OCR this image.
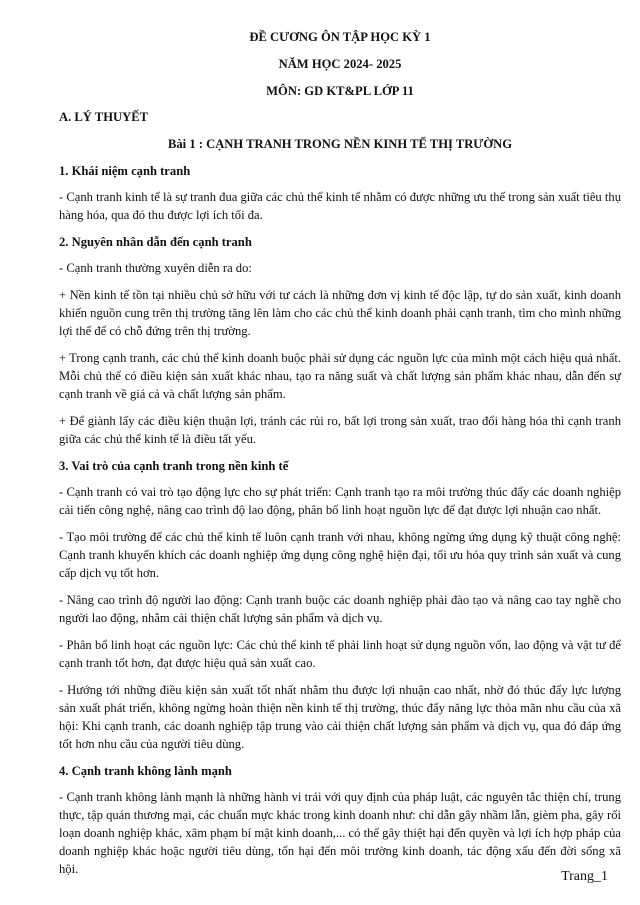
ĐỀ CƯƠNG ÔN TẬP HỌC KỲ 1
NĂM HỌC 2024- 2025
MÔN: GD KT&PL LỚP 11
A. LÝ THUYẾT
Bài 1 : CẠNH TRANH TRONG NỀN KINH TẾ THỊ TRƯỜNG
1. Khái niệm cạnh tranh

- Cạnh tranh kinh tế là sự tranh đua giữa các chủ thể kinh tế nhằm có được những ưu thế trong sản xuất tiêu thụ hàng hóa, qua đó thu được lợi ích tối đa.

2. Nguyên nhân dẫn đến cạnh tranh

- Cạnh tranh thường xuyên diễn ra do:

+ Nền kinh tế tồn tại nhiều chủ sở hữu với tư cách là những đơn vị kinh tế độc lập, tự do sản xuất, kinh doanh khiến nguồn cung trên thị trường tăng lên làm cho các chủ thể kinh doanh phải cạnh tranh, tìm cho mình những lợi thế để có chỗ đứng trên thị trường.

+ Trong cạnh tranh, các chủ thể kinh doanh buộc phải sử dụng các nguồn lực của mình một cách hiệu quả nhất. Mỗi chủ thể có điều kiện sản xuất khác nhau, tạo ra năng suất và chất lượng sản phẩm khác nhau, dẫn đến sự cạnh tranh về giá cả và chất lượng sản phẩm.

+ Để giành lấy các điều kiện thuận lợi, tránh các rủi ro, bất lợi trong sản xuất, trao đổi hàng hóa thì cạnh tranh giữa các chủ thể kinh tế là điều tất yếu.

3. Vai trò của cạnh tranh trong nền kinh tế

- Cạnh tranh có vai trò tạo động lực cho sự phát triển: Cạnh tranh tạo ra môi trường thúc đẩy các doanh nghiệp cải tiến công nghệ, nâng cao trình độ lao động, phân bổ linh hoạt nguồn lực để đạt được lợi nhuận cao nhất.

- Tạo môi trường để các chủ thể kinh tế luôn cạnh tranh với nhau, không ngừng ứng dụng kỹ thuật công nghệ: Cạnh tranh khuyến khích các doanh nghiệp ứng dụng công nghệ hiện đại, tối ưu hóa quy trình sản xuất và cung cấp dịch vụ tốt hơn.

- Nâng cao trình độ người lao động: Cạnh tranh buộc các doanh nghiệp phải đào tạo và nâng cao tay nghề cho người lao động, nhằm cải thiện chất lượng sản phẩm và dịch vụ.

- Phân bổ linh hoạt các nguồn lực: Các chủ thể kinh tế phải linh hoạt sử dụng nguồn vốn, lao động và vật tư để cạnh tranh tốt hơn, đạt được hiệu quả sản xuất cao.

- Hướng tới những điều kiện sản xuất tốt nhất nhằm thu được lợi nhuận cao nhất, nhờ đó thúc đẩy lực lượng sản xuất phát triển, không ngừng hoàn thiện nền kinh tế thị trường, thúc đẩy năng lực thỏa mãn nhu cầu của xã hội: Khi cạnh tranh, các doanh nghiệp tập trung vào cải thiện chất lượng sản phẩm và dịch vụ, qua đó đáp ứng tốt hơn nhu cầu của người tiêu dùng.

4. Cạnh tranh không lành mạnh

- Cạnh tranh không lành mạnh là những hành vi trái với quy định của pháp luật, các nguyên tắc thiện chí, trung thực, tập quán thương mại, các chuẩn mực khác trong kinh doanh như: chỉ dẫn gây nhầm lẫn, gièm pha, gây rối loạn doanh nghiệp khác, xâm phạm bí mật kinh doanh,... có thể gây thiệt hại đến quyền và lợi ích hợp pháp của doanh nghiệp khác hoặc người tiêu dùng, tổn hại đến môi trường kinh doanh, tác động xấu đến đời sống xã hội.	Trang_1
